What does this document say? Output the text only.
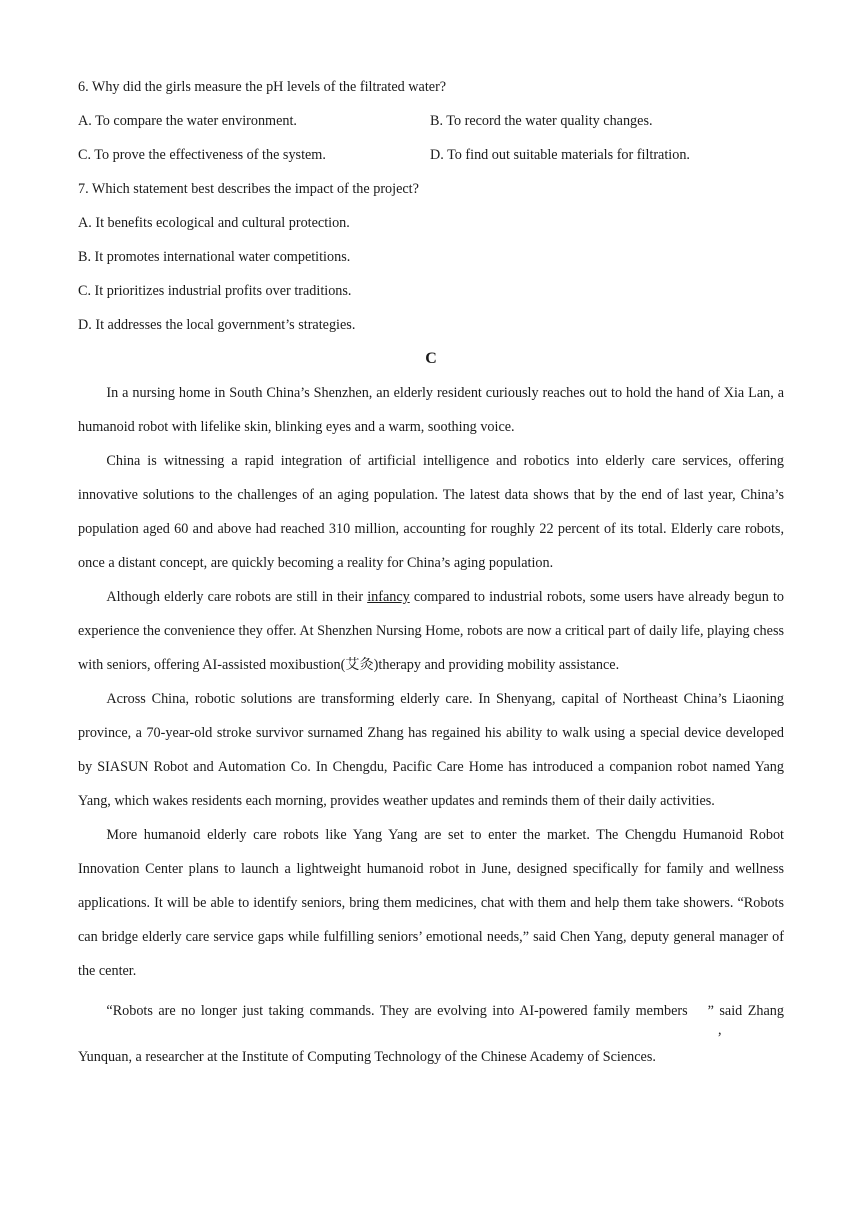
6. Why did the girls measure the pH levels of the filtrated water?

A. To compare the water environment.	B. To record the water quality changes.
C. To prove the effectiveness of the system.	D. To find out suitable materials for filtration.

7. Which statement best describes the impact of the project?

A. It benefits ecological and cultural protection.

B. It promotes international water competitions.

C. It prioritizes industrial profits over traditions.

D. It addresses the local government’s strategies.

C

In a nursing home in South China’s Shenzhen, an elderly resident curiously reaches out to hold the hand of Xia Lan, a humanoid robot with lifelike skin, blinking eyes and a warm, soothing voice.

China is witnessing a rapid integration of artificial intelligence and robotics into elderly care services, offering innovative solutions to the challenges of an aging population. The latest data shows that by the end of last year, China’s population aged 60 and above had reached 310 million, accounting for roughly 22 percent of its total. Elderly care robots, once a distant concept, are quickly becoming a reality for China’s aging population.

Although elderly care robots are still in their infancy compared to industrial robots, some users have already begun to experience the convenience they offer. At Shenzhen Nursing Home, robots are now a critical part of daily life, playing chess with seniors, offering AI-assisted moxibustion(艾灸)therapy and providing mobility assistance.

Across China, robotic solutions are transforming elderly care. In Shenyang, capital of Northeast China’s Liaoning province, a 70-year-old stroke survivor surnamed Zhang has regained his ability to walk using a special device developed by SIASUN Robot and Automation Co. In Chengdu, Pacific Care Home has introduced a companion robot named Yang Yang, which wakes residents each morning, provides weather updates and reminds them of their daily activities.

More humanoid elderly care robots like Yang Yang are set to enter the market. The Chengdu Humanoid Robot Innovation Center plans to launch a lightweight humanoid robot in June, designed specifically for family and wellness applications. It will be able to identify seniors, bring them medicines, chat with them and help them take showers. “Robots can bridge elderly care service gaps while fulfilling seniors’ emotional needs,” said Chen Yang, deputy general manager of the center.

“Robots are no longer just taking commands. They are evolving into AI-powered family members
,
” said Zhang Yunquan, a researcher at the Institute of Computing Technology of the Chinese Academy of Sciences.
